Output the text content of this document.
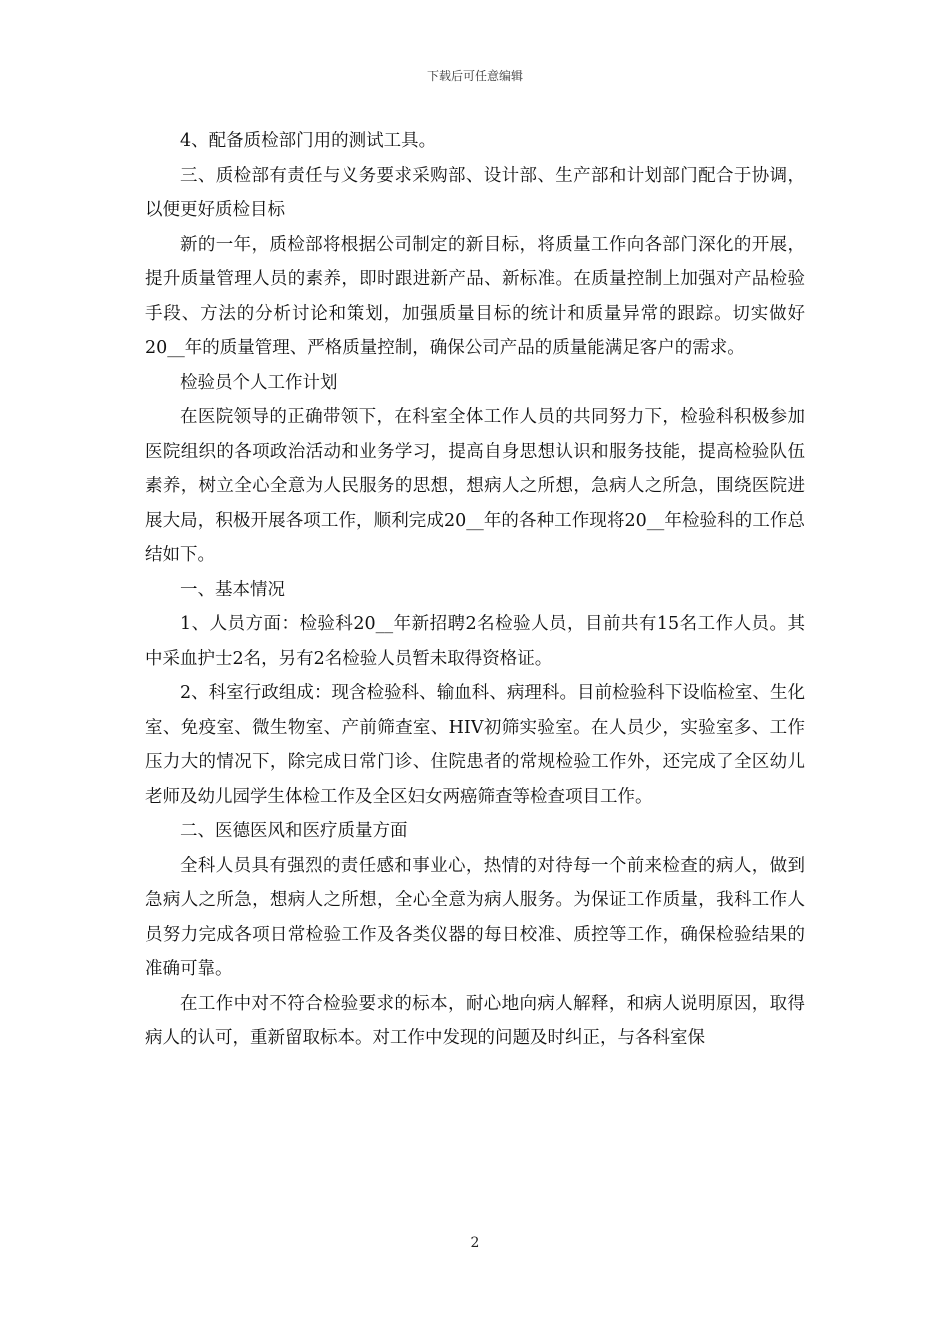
下载后可任意编辑

4、配备质检部门用的测试工具。

三、质检部有责任与义务要求采购部、设计部、生产部和计划部门配合于协调，以便更好质检目标

新的一年，质检部将根据公司制定的新目标，将质量工作向各部门深化的开展，提升质量管理人员的素养，即时跟进新产品、新标准。在质量控制上加强对产品检验手段、方法的分析讨论和策划，加强质量目标的统计和质量异常的跟踪。切实做好20__年的质量管理、严格质量控制，确保公司产品的质量能满足客户的需求。

检验员个人工作计划

在医院领导的正确带领下，在科室全体工作人员的共同努力下，检验科积极参加医院组织的各项政治活动和业务学习，提高自身思想认识和服务技能，提高检验队伍素养，树立全心全意为人民服务的思想，想病人之所想，急病人之所急，围绕医院进展大局，积极开展各项工作，顺利完成20__年的各种工作现将20__年检验科的工作总结如下。

一、基本情况

1、人员方面：检验科20__年新招聘2名检验人员，目前共有15名工作人员。其中采血护士2名，另有2名检验人员暂未取得资格证。

2、科室行政组成：现含检验科、输血科、病理科。目前检验科下设临检室、生化室、免疫室、微生物室、产前筛查室、HIV初筛实验室。在人员少，实验室多、工作压力大的情况下，除完成日常门诊、住院患者的常规检验工作外，还完成了全区幼儿老师及幼儿园学生体检工作及全区妇女两癌筛查等检查项目工作。

二、医德医风和医疗质量方面

全科人员具有强烈的责任感和事业心，热情的对待每一个前来检查的病人，做到急病人之所急，想病人之所想，全心全意为病人服务。为保证工作质量，我科工作人员努力完成各项日常检验工作及各类仪器的每日校准、质控等工作，确保检验结果的准确可靠。

在工作中对不符合检验要求的标本，耐心地向病人解释，和病人说明原因，取得病人的认可，重新留取标本。对工作中发现的问题及时纠正，与各科室保

2
